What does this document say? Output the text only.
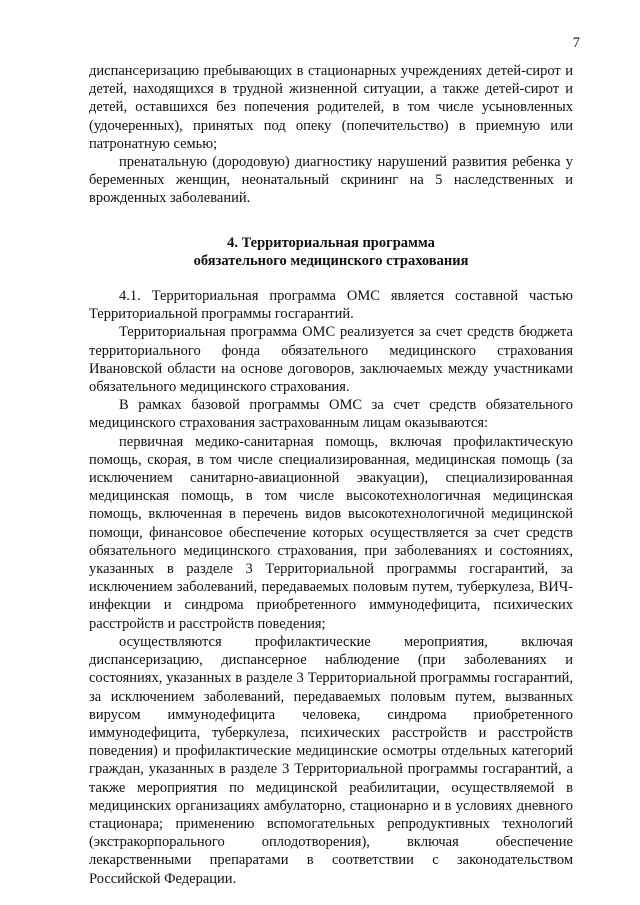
7

диспансеризацию пребывающих в стационарных учреждениях детей-сирот и детей, находящихся в трудной жизненной ситуации, а также детей-сирот и детей, оставшихся без попечения родителей, в том числе усыновленных (удочеренных), принятых под опеку (попечительство) в приемную или патронатную семью;

пренатальную (дородовую) диагностику нарушений развития ребенка у беременных женщин, неонатальный скрининг на 5 наследственных и врожденных заболеваний.

4. Территориальная программа
обязательного медицинского страхования

4.1. Территориальная программа ОМС является составной частью Территориальной программы госгарантий.

Территориальная программа ОМС реализуется за счет средств бюджета территориального фонда обязательного медицинского страхования Ивановской области на основе договоров, заключаемых между участниками обязательного медицинского страхования.

В рамках базовой программы ОМС за счет средств обязательного медицинского страхования застрахованным лицам оказываются:

первичная медико-санитарная помощь, включая профилактическую помощь, скорая, в том числе специализированная, медицинская помощь (за исключением санитарно-авиационной эвакуации), специализированная медицинская помощь, в том числе высокотехнологичная медицинская помощь, включенная в перечень видов высокотехнологичной медицинской помощи, финансовое обеспечение которых осуществляется за счет средств обязательного медицинского страхования, при заболеваниях и состояниях, указанных в разделе 3 Территориальной программы госгарантий, за исключением заболеваний, передаваемых половым путем, туберкулеза, ВИЧ-инфекции и синдрома приобретенного иммунодефицита, психических расстройств и расстройств поведения;

осуществляются профилактические мероприятия, включая диспансеризацию, диспансерное наблюдение (при заболеваниях и состояниях, указанных в разделе 3 Территориальной программы госгарантий, за исключением заболеваний, передаваемых половым путем, вызванных вирусом иммунодефицита человека, синдрома приобретенного иммунодефицита, туберкулеза, психических расстройств и расстройств поведения) и профилактические медицинские осмотры отдельных категорий граждан, указанных в разделе 3 Территориальной программы госгарантий, а также мероприятия по медицинской реабилитации, осуществляемой в медицинских организациях амбулаторно, стационарно и в условиях дневного стационара; применению вспомогательных репродуктивных технологий (экстракорпорального оплодотворения), включая обеспечение лекарственными препаратами в соответствии с законодательством Российской Федерации.
